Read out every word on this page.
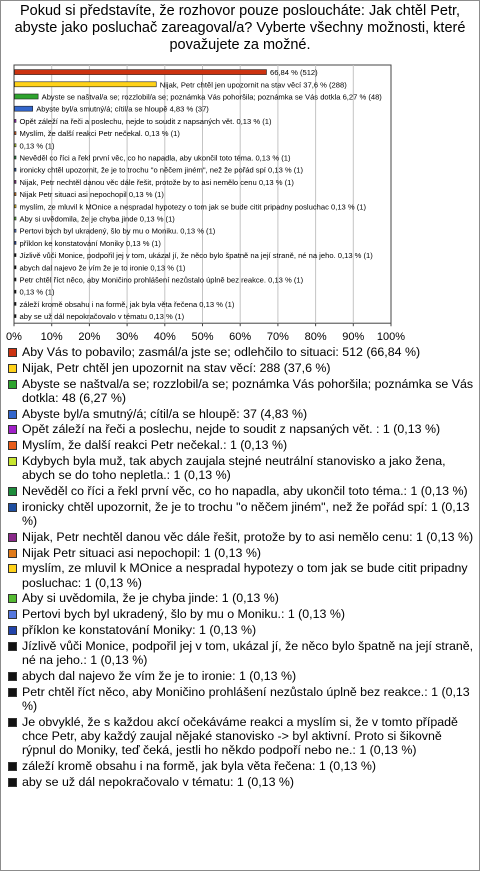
Pokud si představíte, že rozhovor pouze posloucháte: Jak chtěl Petr, abyste jako posluchač zareagoval/a? Vyberte všechny možnosti, které považujete za možné.
0% 10% 20% 30% 40% 50% 60% 70% 80% 90% 100%
66,84 % (512)
Nijak, Petr chtěl jen upozornit na stav věcí 37,6 % (288)
Abyste se naštval/a se; rozzlobil/a se; poznámka Vás pohoršila; poznámka se Vás dotkla 6,27 % (48)
Abyste byl/a smutný/á; cítil/a se hloupě 4,83 % (37)
Opět záleží na řeči a poslechu, nejde to soudit z napsaných vět. 0,13 % (1)
Myslím, že další reakci Petr nečekal. 0,13 % (1)
0,13 % (1)
Nevěděl co říci a řekl první věc, co ho napadla, aby ukončil toto téma. 0,13 % (1)
ironicky chtěl upozornit, že je to trochu "o něčem jiném", než že pořád spí 0,13 % (1)
Nijak, Petr nechtěl danou věc dále řešit, protože by to asi nemělo cenu 0,13 % (1)
Nijak Petr situaci asi nepochopil 0,13 % (1)
myslím, ze mluvil k MOnice a nespradal hypotezy o tom jak se bude citit pripadny posluchac 0,13 % (1)
Aby si uvědomila, že je chyba jinde 0,13 % (1)
Pertovi bych byl ukradený, šlo by mu o Moniku. 0,13 % (1)
příklon ke konstatování Moniky 0,13 % (1)
Jízlivě vůči Monice, podpořil jej v tom, ukázal jí, že něco bylo špatně na její straně, né na jeho. 0,13 % (1)
abych dal najevo že vím že je to ironie 0,13 % (1)
Petr chtěl říct něco, aby Moničino prohlášení nezůstalo úplně bez reakce. 0,13 % (1)
0,13 % (1)
záleží kromě obsahu i na formě, jak byla věta řečena 0,13 % (1)
aby se už dál nepokračovalo v tématu 0,13 % (1)
Aby Vás to pobavilo; zasmál/a jste se; odlehčilo to situaci: 512 (66,84 %)
Nijak, Petr chtěl jen upozornit na stav věcí: 288 (37,6 %)
Abyste se naštval/a se; rozzlobil/a se; poznámka Vás pohoršila; poznámka se Vás dotkla: 48 (6,27 %)
Abyste byl/a smutný/á; cítil/a se hloupě: 37 (4,83 %)
Opět záleží na řeči a poslechu, nejde to soudit z napsaných vět. : 1 (0,13 %)
Myslím, že další reakci Petr nečekal.: 1 (0,13 %)
Kdybych byla muž, tak abych zaujala stejné neutrální stanovisko a jako žena, abych se do toho nepletla.: 1 (0,13 %)
Nevěděl co říci a řekl první věc, co ho napadla, aby ukončil toto téma.: 1 (0,13 %)
ironicky chtěl upozornit, že je to trochu "o něčem jiném", než že pořád spí: 1 (0,13 %)
Nijak, Petr nechtěl danou věc dále řešit, protože by to asi nemělo cenu: 1 (0,13 %)
Nijak Petr situaci asi nepochopil: 1 (0,13 %)
myslím, ze mluvil k MOnice a nespradal hypotezy o tom jak se bude citit pripadny posluchac: 1 (0,13 %)
Aby si uvědomila, že je chyba jinde: 1 (0,13 %)
Pertovi bych byl ukradený, šlo by mu o Moniku.: 1 (0,13 %)
příklon ke konstatování Moniky: 1 (0,13 %)
Jízlivě vůči Monice, podpořil jej v tom, ukázal jí, že něco bylo špatně na její straně, né na jeho.: 1 (0,13 %)
abych dal najevo že vím že je to ironie: 1 (0,13 %)
Petr chtěl říct něco, aby Moničino prohlášení nezůstalo úplně bez reakce.: 1 (0,13 %)
Je obvyklé, že s každou akcí očekáváme reakci a myslím si, že v tomto případě chce Petr, aby každý zaujal nějaké stanovisko -> byl aktivní. Proto si šikovně rýpnul do Moniky, teď čeká, jestli ho někdo podpoří nebo ne.: 1 (0,13 %)
záleží kromě obsahu i na formě, jak byla věta řečena: 1 (0,13 %)
aby se už dál nepokračovalo v tématu: 1 (0,13 %)
